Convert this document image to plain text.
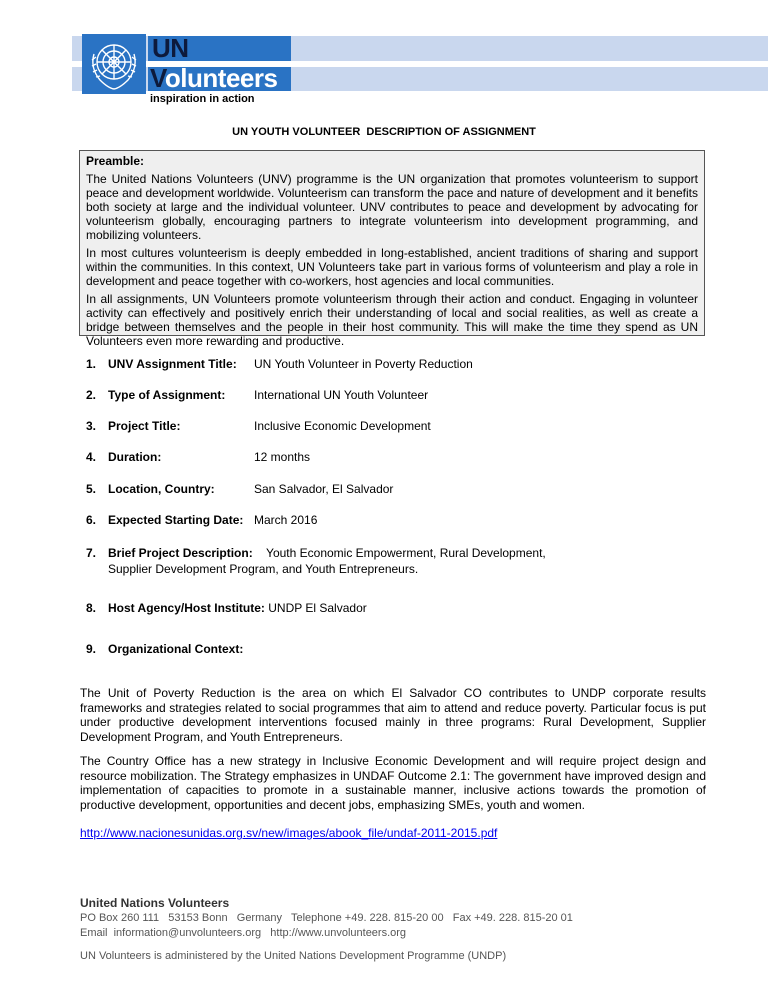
UN
Volunteers
inspiration in action
UN YOUTH VOLUNTEER  DESCRIPTION OF ASSIGNMENT

Preamble:

The United Nations Volunteers (UNV) programme is the UN organization that promotes volunteerism to support peace and development worldwide. Volunteerism can transform the pace and nature of development and it benefits both society at large and the individual volunteer. UNV contributes to peace and development by advocating for volunteerism globally, encouraging partners to integrate volunteerism into development programming, and mobilizing volunteers.

In most cultures volunteerism is deeply embedded in long-established, ancient traditions of sharing and support within the communities. In this context, UN Volunteers take part in various forms of volunteerism and play a role in development and peace together with co-workers, host agencies and local communities.

In all assignments, UN Volunteers promote volunteerism through their action and conduct. Engaging in volunteer activity can effectively and positively enrich their understanding of local and social realities, as well as create a bridge between themselves and the people in their host community. This will make the time they spend as UN Volunteers even more rewarding and productive.

1. UNV Assignment Title: UN Youth Volunteer in Poverty Reduction
2. Type of Assignment: International UN Youth Volunteer
3. Project Title:	Inclusive Economic Development
4. Duration:	12 months
5. Location, Country:	San Salvador, El Salvador
6. Expected Starting Date: March 2016
7. Brief Project Description: Youth Economic Empowerment, Rural Development,
Supplier Development Program, and Youth Entrepreneurs.
8. Host Agency/Host Institute: UNDP El Salvador
9. Organizational Context:
The Unit of Poverty Reduction is the area on which El Salvador CO contributes to UNDP corporate results frameworks and strategies related to social programmes that aim to attend and reduce poverty. Particular focus is put under productive development interventions focused mainly in three programs: Rural Development, Supplier Development Program, and Youth Entrepreneurs.
The Country Office has a new strategy in Inclusive Economic Development and will require project design and resource mobilization. The Strategy emphasizes in UNDAF Outcome 2.1: The government have improved design and implementation of capacities to promote in a sustainable manner, inclusive actions towards the promotion of productive development, opportunities and decent jobs, emphasizing SMEs, youth and women.
http://www.nacionesunidas.org.sv/new/images/abook_file/undaf-2011-2015.pdf
United Nations Volunteers
PO Box 260 111   53153 Bonn   Germany   Telephone +49. 228. 815-20 00   Fax +49. 228. 815-20 01
Email  information@unvolunteers.org   http://www.unvolunteers.org
UN Volunteers is administered by the United Nations Development Programme (UNDP)
